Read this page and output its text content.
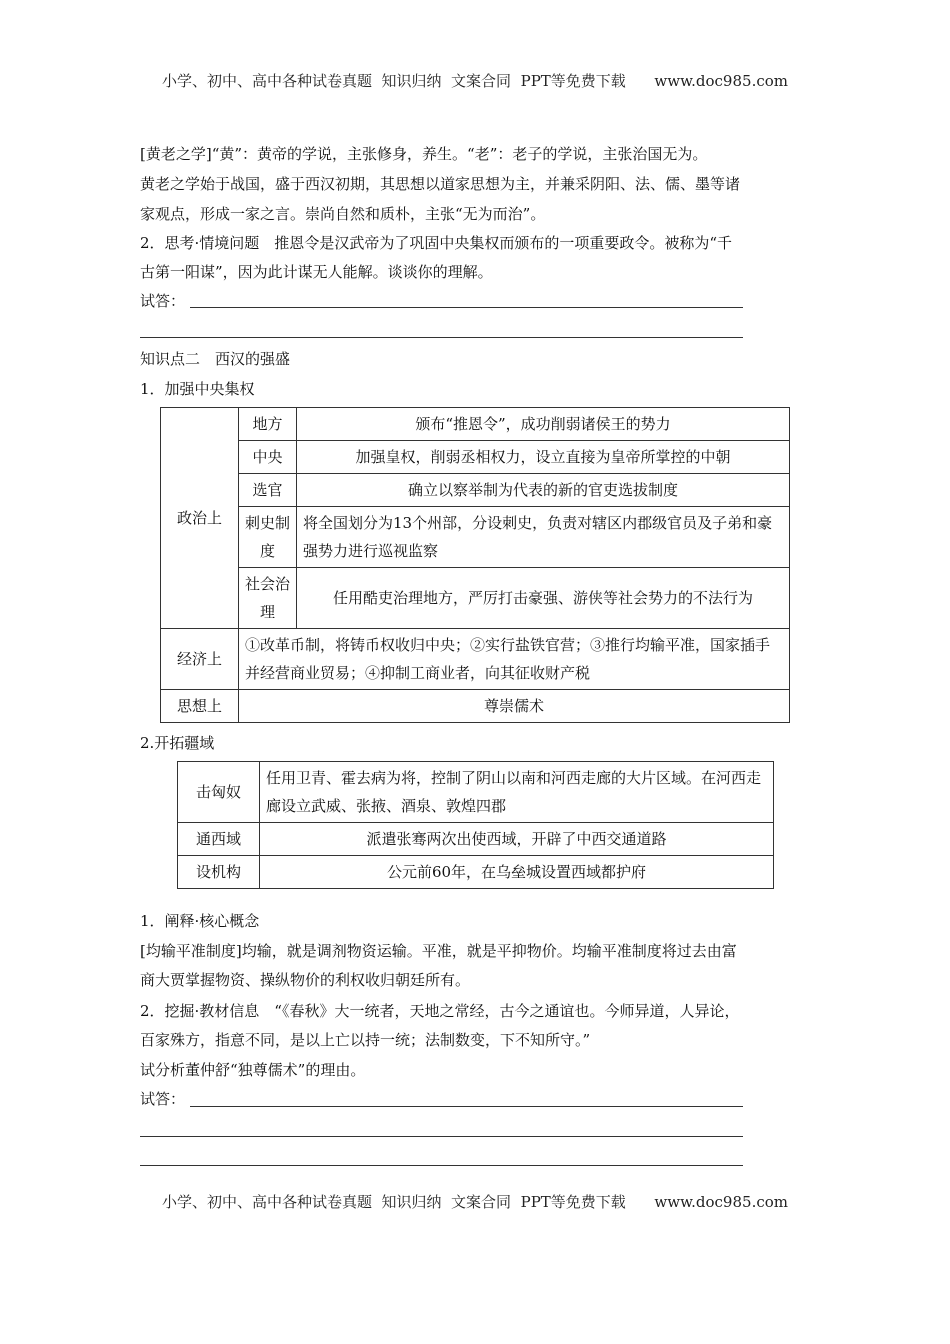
小学、初中、高中各种试卷真题  知识归纳  文案合同  PPT等免费下载      www.doc985.com
[黄老之学]“黄”：黄帝的学说，主张修身，养生。“老”：老子的学说，主张治国无为。
黄老之学始于战国，盛于西汉初期，其思想以道家思想为主，并兼采阴阳、法、儒、墨等诸
家观点，形成一家之言。崇尚自然和质朴，主张“无为而治”。
2．思考·情境问题　推恩令是汉武帝为了巩固中央集权而颁布的一项重要政令。被称为“千
古第一阳谋”，因为此计谋无人能解。谈谈你的理解。
试答：
知识点二　西汉的强盛
1．加强中央集权
政治上	地方	颁布“推恩令”，成功削弱诸侯王的势力
	中央	加强皇权，削弱丞相权力，设立直接为皇帝所掌控的中朝
	选官	确立以察举制为代表的新的官吏选拔制度
	刺史制度	将全国划分为13个州部，分设刺史，负责对辖区内郡级官员及子弟和豪强势力进行巡视监察
	社会治理	任用酷吏治理地方，严厉打击豪强、游侠等社会势力的不法行为
经济上	①改革币制，将铸币权收归中央；②实行盐铁官营；③推行均输平准，国家插手并经营商业贸易；④抑制工商业者，向其征收财产税	
思想上	尊崇儒术	
2.开拓疆域
击匈奴	任用卫青、霍去病为将，控制了阴山以南和河西走廊的大片区域。在河西走廊设立武威、张掖、酒泉、敦煌四郡
通西域	派遣张骞两次出使西域，开辟了中西交通道路
设机构	公元前60年，在乌垒城设置西域都护府
1．阐释·核心概念
[均输平准制度]均输，就是调剂物资运输。平准，就是平抑物价。均输平准制度将过去由富
商大贾掌握物资、操纵物价的利权收归朝廷所有。
2．挖掘·教材信息　“《春秋》大一统者，天地之常经，古今之通谊也。今师异道，人异论，
百家殊方，指意不同，是以上亡以持一统；法制数变，下不知所守。”
试分析董仲舒“独尊儒术”的理由。
试答：
小学、初中、高中各种试卷真题  知识归纳  文案合同  PPT等免费下载      www.doc985.com
